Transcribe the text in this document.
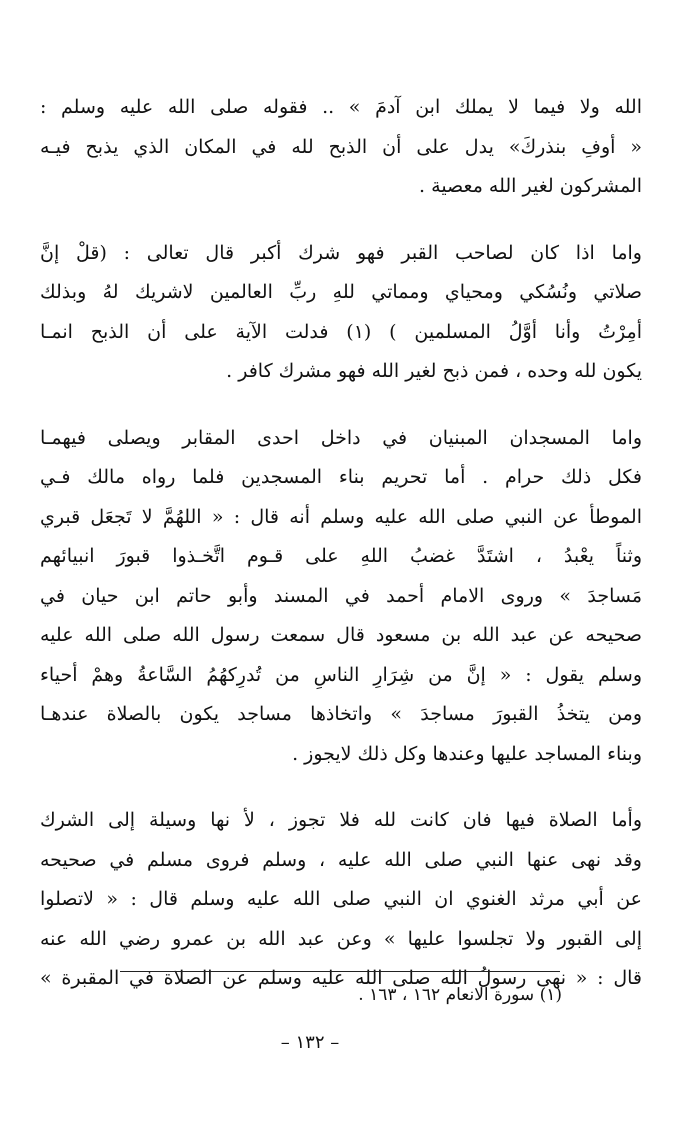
الله ولا فيما لا يملك ابن آدمَ » .. فقوله صلى الله عليه وسلم :
« أوفِ بنذركَ» يدل على أن الذبح لله في المكان الذي يذبح فيـه
المشركون لغير الله معصية .
واما اذا كان لصاحب القبر فهو شرك أكبر قال تعالى : (قلْ إنَّ
صلاتي ونُسُكي ومحياي ومماتي للهِ ربِّ العالمين لاشريك لهُ وبذلك
أمِرْتُ وأنا أوَّلُ المسلمين ) (١) فدلت الآية على أن الذبح انمـا
يكون لله وحده ، فمن ذبح لغير الله فهو مشرك كافر .
واما المسجدان المبنيان في داخل احدى المقابر ويصلى فيهمـا
فكل ذلك حرام . أما تحريم بناء المسجدين فلما رواه مالك فـي
الموطأ عن النبي صلى الله عليه وسلم أنه قال : « اللهُمَّ لا تَجعَل قبري
وثناً يعْبدُ ، اشتَدَّ غضبُ اللهِ على قـوم اتَّخـذوا قبورَ انبيائهم
مَساجدَ » وروى الامام أحمد في المسند وأبو حاتم ابن حيان في
صحيحه عن عبد الله بن مسعود قال سمعت رسول الله صلى الله عليه
وسلم يقول : « إنَّ من شِرَارِ الناسِ من تُدرِكهُمُ السَّاعةُ وهمْ أحياء
ومن يتخذُ القبورَ مساجدَ » واتخاذها مساجد يكون بالصلاة عندهـا
وبناء المساجد عليها وعندها وكل ذلك لايجوز .
وأما الصلاة فيها فان كانت لله فلا تجوز ، لأ نها وسيلة إلى الشرك
وقد نهى عنها النبي صلى الله عليه ، وسلم فروى مسلم في صحيحه
عن أبي مرثد الغنوي ان النبي صلى الله عليه وسلم قال : « لاتصلوا
إلى القبور ولا تجلسوا عليها » وعن عبد الله بن عمرو رضي الله عنه
قال : « نهى رسولُ الله صلى الله عليه وسلم عن الصلاة في المقبرة »
(١) سورة الانعام ١٦٢ ، ١٦٣ .
– ١٣٢ –
